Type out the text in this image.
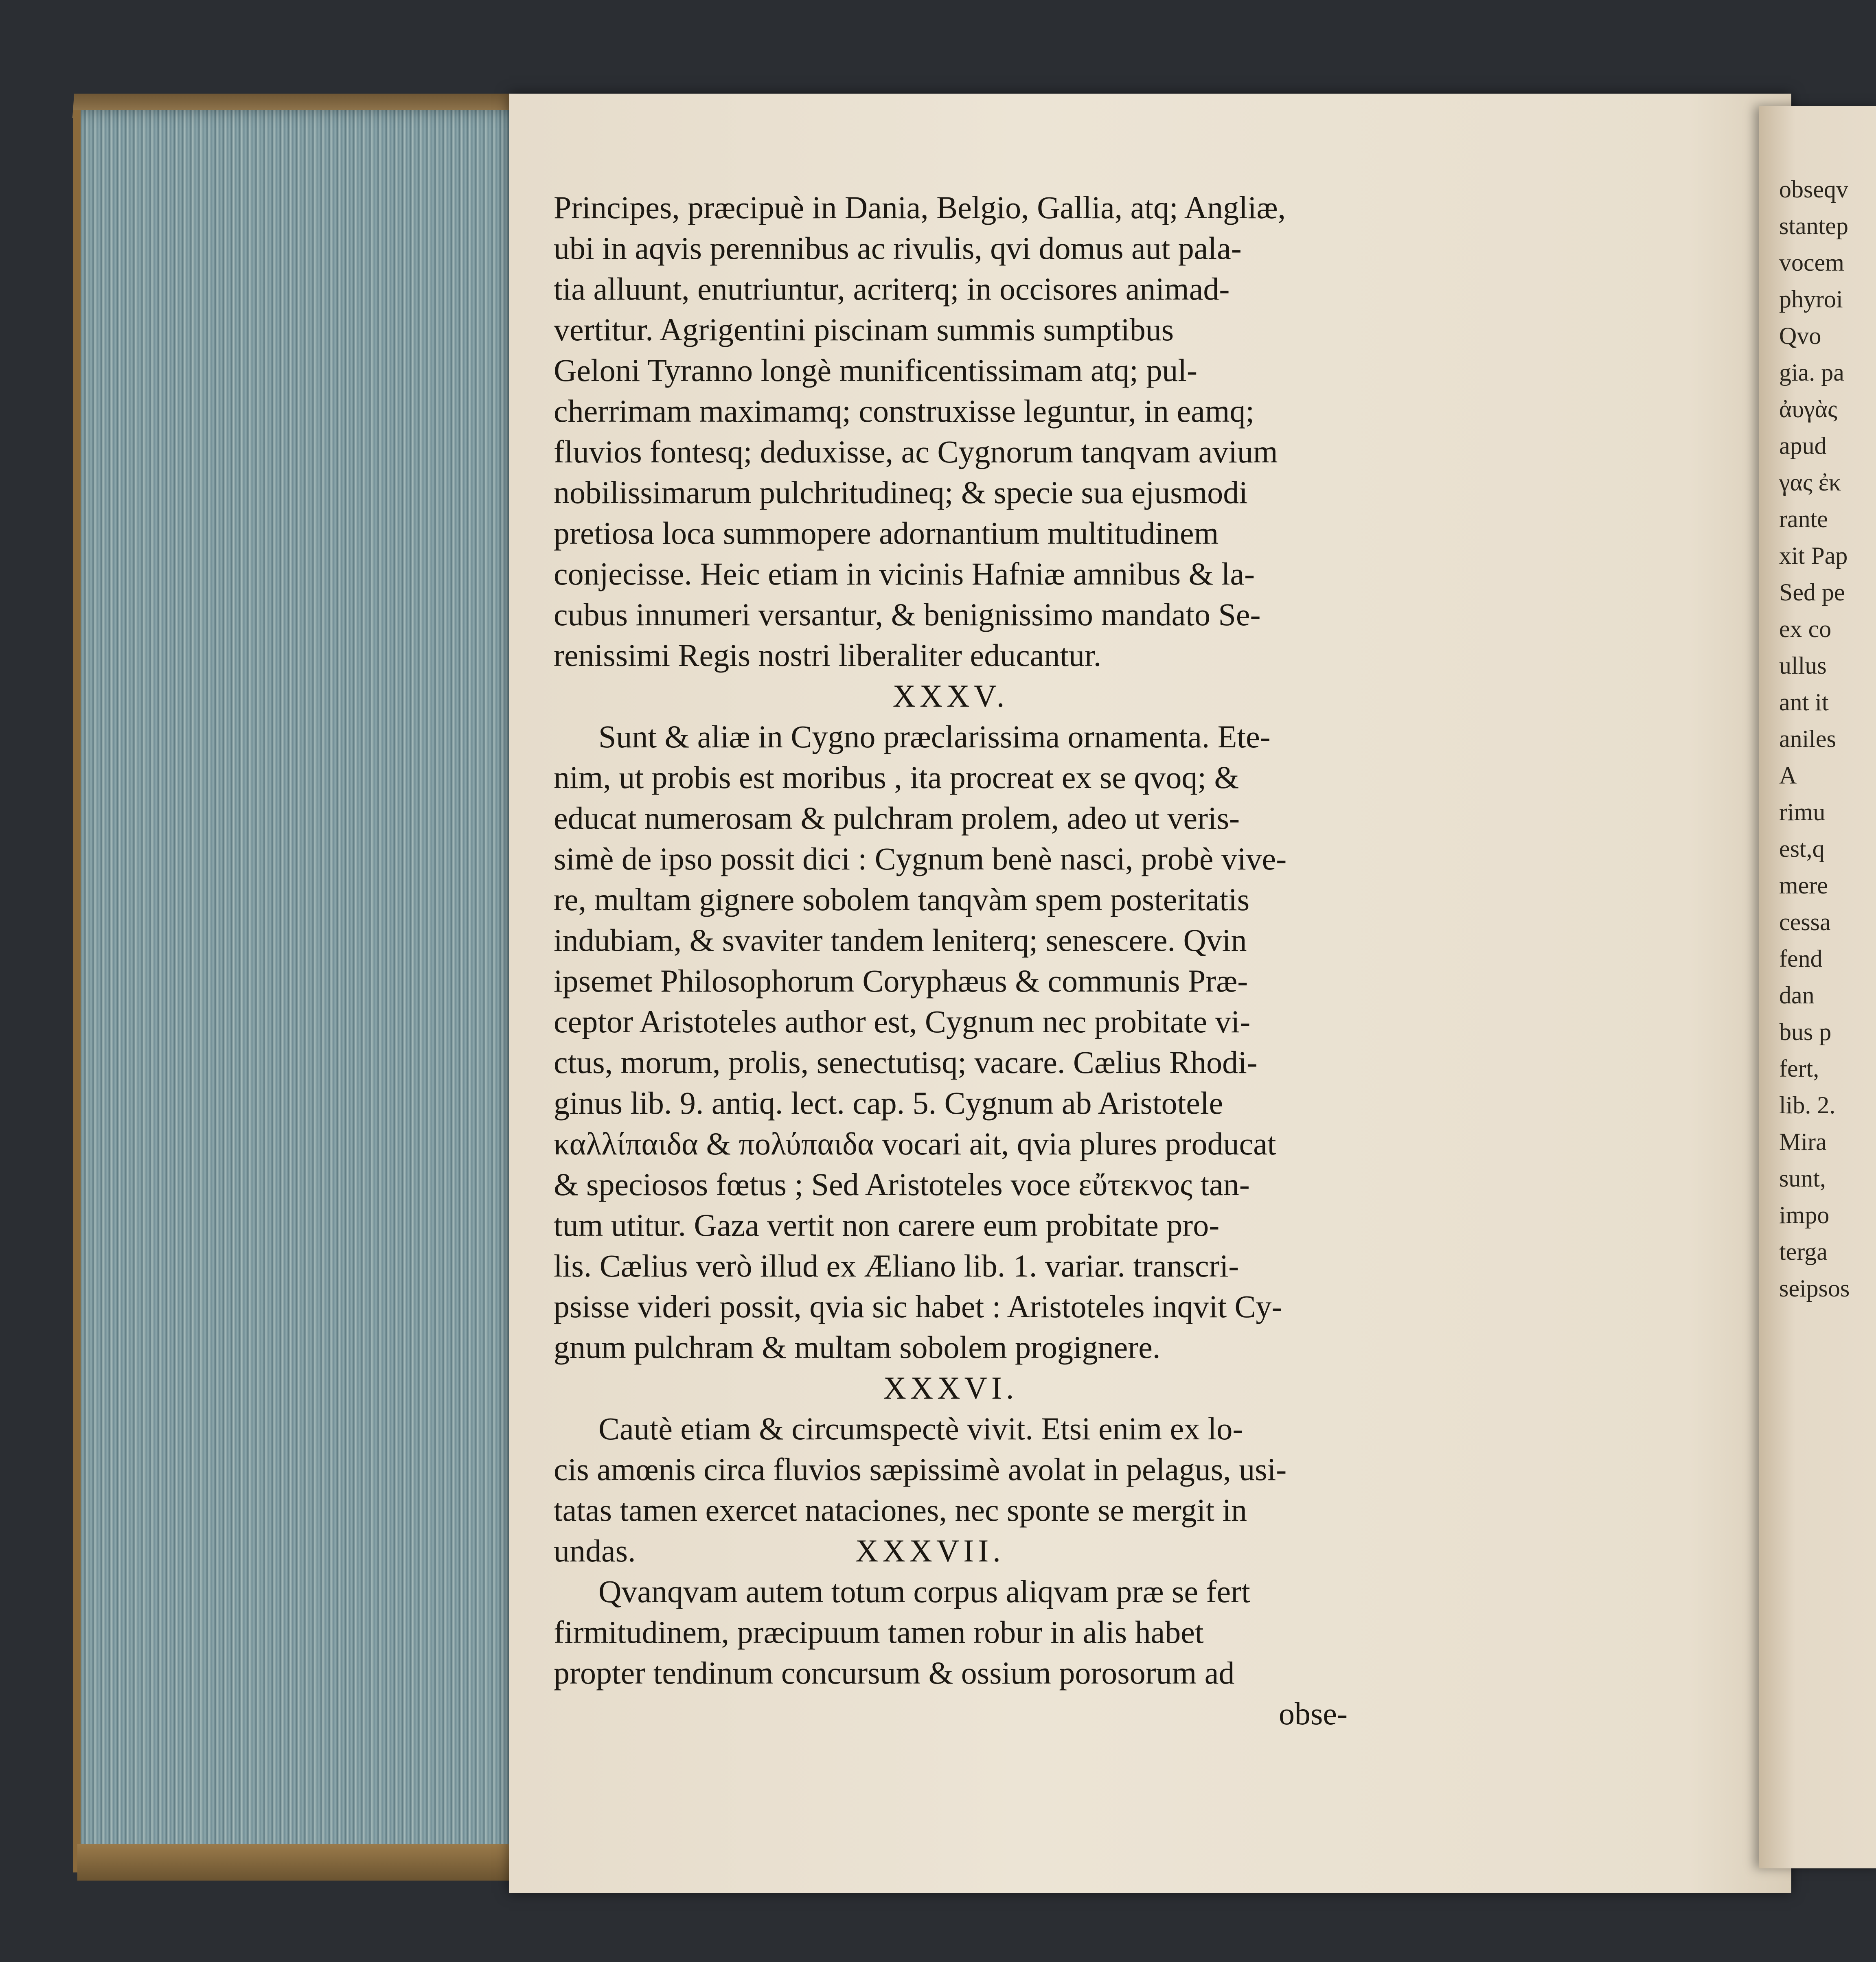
obseqv
stantep
vocem
phyroi
Qvo
gia. pa
ἀυγὰς
apud
γας ἐκ
rante
xit Pap
Sed pe
ex co
ullus
ant it
aniles
A
rimu
est,q
mere
cessa
fend
dan
bus p
fert,
lib. 2.
Mira
sunt,
impo
terga
seipsos
Principes, præcipuè in Dania, Belgio, Gallia, atq; Angliæ,
ubi in aqvis perennibus ac rivulis, qvi domus aut pala-
tia alluunt, enutriuntur, acriterq; in occisores animad-
vertitur. Agrigentini piscinam summis sumptibus
Geloni Tyranno longè munificentissimam atq; pul-
cherrimam maximamq; construxisse leguntur, in eamq;
fluvios fontesq; deduxisse, ac Cygnorum tanqvam avium
nobilissimarum pulchritudineq; & specie sua ejusmodi
pretiosa loca summopere adornantium multitudinem
conjecisse. Heic etiam in vicinis Hafniæ amnibus & la-
cubus innumeri versantur, & benignissimo mandato Se-
renissimi Regis nostri liberaliter educantur.
XXXV.
Sunt & aliæ in Cygno præclarissima ornamenta. Ete-
nim, ut probis est moribus , ita procreat ex se qvoq; &
educat numerosam & pulchram prolem, adeo ut veris-
simè de ipso possit dici : Cygnum benè nasci, probè vive-
re, multam gignere sobolem tanqvàm spem posteritatis
indubiam, & svaviter tandem leniterq; senescere. Qvin
ipsemet Philosophorum Coryphæus & communis Præ-
ceptor Aristoteles author est, Cygnum nec probitate vi-
ctus, morum, prolis, senectutisq; vacare. Cælius Rhodi-
ginus lib. 9. antiq. lect. cap. 5. Cygnum ab Aristotele
καλλίπαιδα & πολύπαιδα vocari ait, qvia plures producat
& speciosos fœtus ; Sed Aristoteles voce εὔτεκνος tan-
tum utitur. Gaza vertit non carere eum probitate pro-
lis. Cælius verò illud ex Æliano lib. 1. variar. transcri-
psisse videri possit, qvia sic habet : Aristoteles inqvit Cy-
gnum pulchram & multam sobolem progignere.
XXXVI.
Cautè etiam & circumspectè vivit. Etsi enim ex lo-
cis amœnis circa fluvios sæpissimè avolat in pelagus, usi-
tatas tamen exercet nataciones, nec sponte se mergit in
undas.	XXXVII.
Qvanqvam autem totum corpus aliqvam præ se fert
firmitudinem, præcipuum tamen robur in alis habet
propter tendinum concursum & ossium porosorum ad
obse-
